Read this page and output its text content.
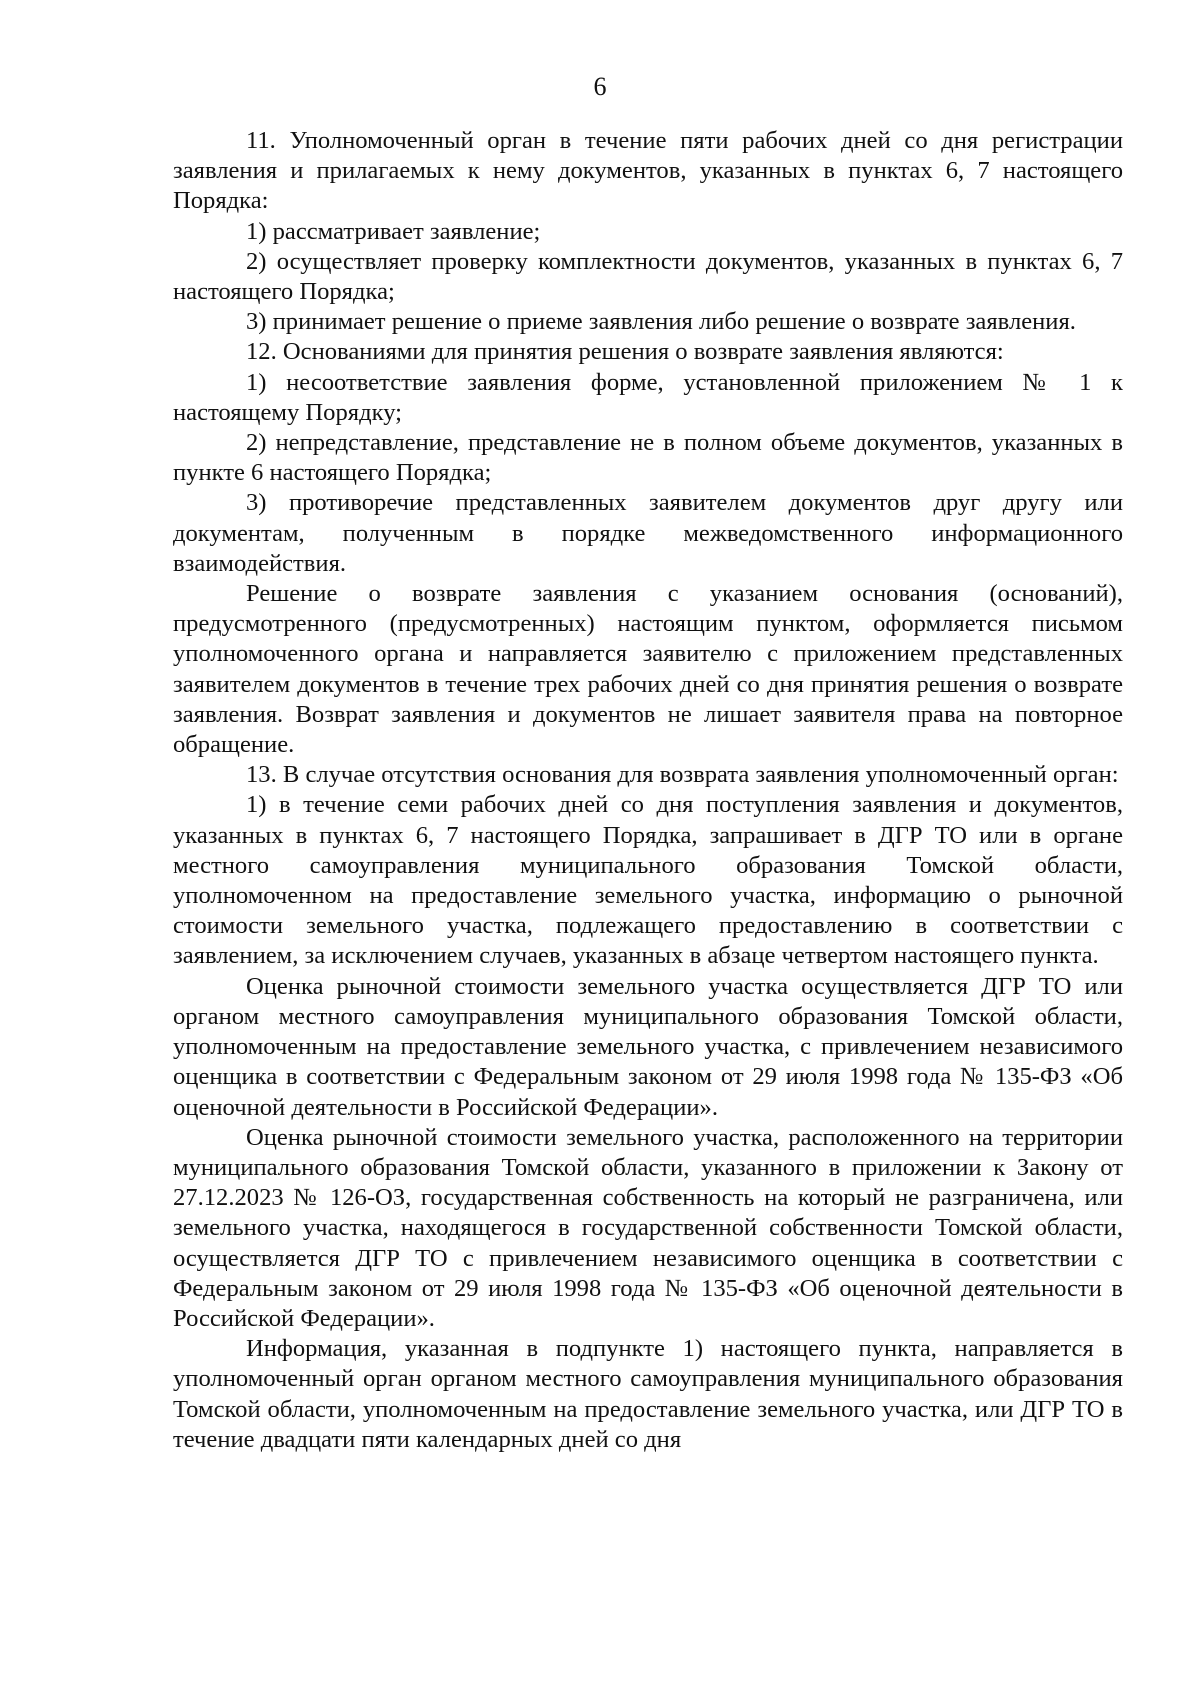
6

11. Уполномоченный орган в течение пяти рабочих дней со дня регистрации заявления и прилагаемых к нему документов, указанных в пунктах 6, 7 настоящего Порядка:

1) рассматривает заявление;

2) осуществляет проверку комплектности документов, указанных в пунктах 6, 7 настоящего Порядка;

3) принимает решение о приеме заявления либо решение о возврате заявления.

12. Основаниями для принятия решения о возврате заявления являются:

1) несоответствие заявления форме, установленной приложением № 1 к настоящему Порядку;

2) непредставление, представление не в полном объеме документов, указанных в пункте 6 настоящего Порядка;

3) противоречие представленных заявителем документов друг другу или документам, полученным в порядке межведомственного информационного взаимодействия.

Решение о возврате заявления с указанием основания (оснований), предусмотренного (предусмотренных) настоящим пунктом, оформляется письмом уполномоченного органа и направляется заявителю с приложением представленных заявителем документов в течение трех рабочих дней со дня принятия решения о возврате заявления. Возврат заявления и документов не лишает заявителя права на повторное обращение.

13. В случае отсутствия основания для возврата заявления уполномоченный орган:

1) в течение семи рабочих дней со дня поступления заявления и документов, указанных в пунктах 6, 7 настоящего Порядка, запрашивает в ДГР ТО или в органе местного самоуправления муниципального образования Томской области, уполномоченном на предоставление земельного участка, информацию о рыночной стоимости земельного участка, подлежащего предоставлению в соответствии с заявлением, за исключением случаев, указанных в абзаце четвертом настоящего пункта.

Оценка рыночной стоимости земельного участка осуществляется ДГР ТО или органом местного самоуправления муниципального образования Томской области, уполномоченным на предоставление земельного участка, с привлечением независимого оценщика в соответствии с Федеральным законом от 29 июля 1998 года № 135-ФЗ «Об оценочной деятельности в Российской Федерации».

Оценка рыночной стоимости земельного участка, расположенного на территории муниципального образования Томской области, указанного в приложении к Закону от 27.12.2023 № 126-ОЗ, государственная собственность на который не разграничена, или земельного участка, находящегося в государственной собственности Томской области, осуществляется ДГР ТО с привлечением независимого оценщика в соответствии с Федеральным законом от 29 июля 1998 года № 135-ФЗ «Об оценочной деятельности в Российской Федерации».

Информация, указанная в подпункте 1) настоящего пункта, направляется в уполномоченный орган органом местного самоуправления муниципального образования Томской области, уполномоченным на предоставление земельного участка, или ДГР ТО в течение двадцати пяти календарных дней со дня
